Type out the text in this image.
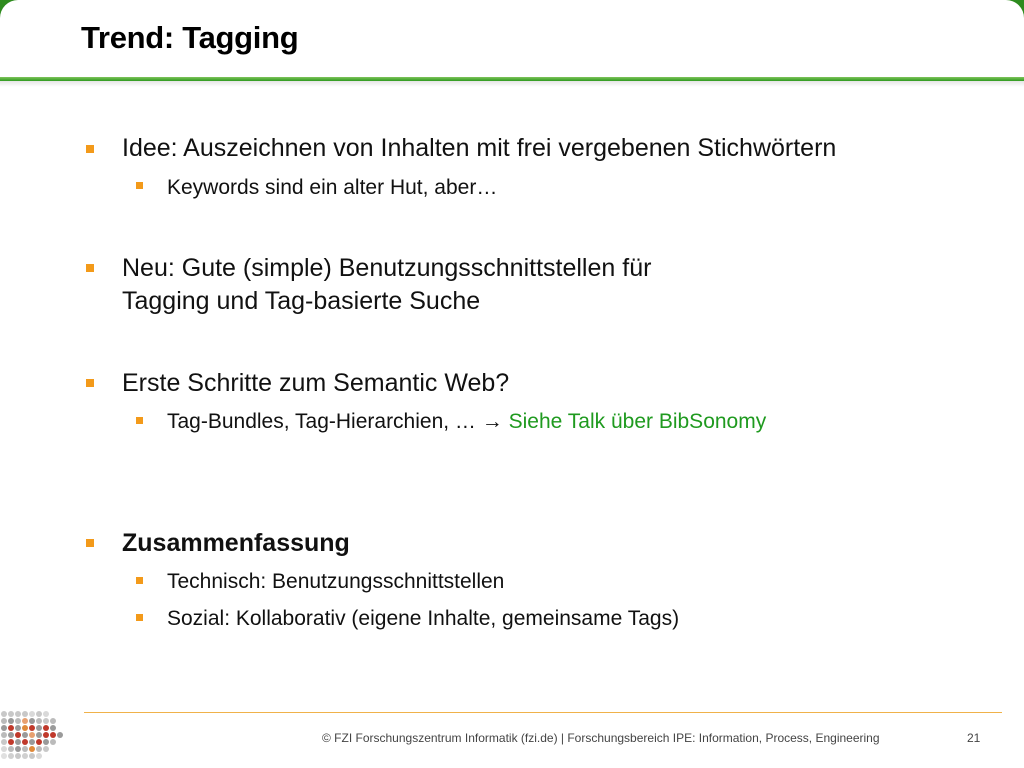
Trend: Tagging
Idee: Auszeichnen von Inhalten mit frei vergebenen Stichwörtern
Keywords sind ein alter Hut, aber…
Neu: Gute (simple) Benutzungsschnittstellen für
Tagging und Tag-basierte Suche
Erste Schritte zum Semantic Web?
Tag-Bundles, Tag-Hierarchien, … → Siehe Talk über BibSonomy
Zusammenfassung
Technisch: Benutzungsschnittstellen
Sozial: Kollaborativ (eigene Inhalte, gemeinsame Tags)
© FZI Forschungszentrum Informatik (fzi.de) | Forschungsbereich IPE: Information, Process, Engineering	21
